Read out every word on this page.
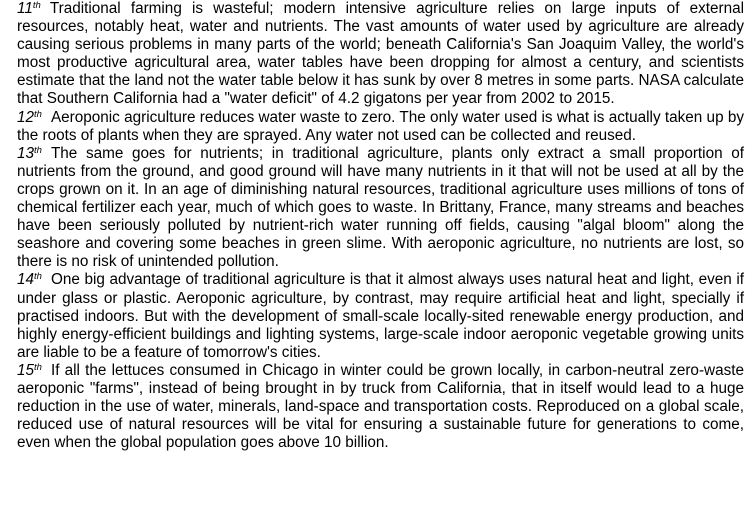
11th Traditional farming is wasteful; modern intensive agriculture relies on large inputs of external resources, notably heat, water and nutrients. The vast amounts of water used by agriculture are already causing serious problems in many parts of the world; beneath California's San Joaquim Valley, the world's most productive agricultural area, water tables have been dropping for almost a century, and scientists estimate that the land not the water table below it has sunk by over 8 metres in some parts. NASA calculate that Southern California had a "water deficit" of 4.2 gigatons per year from 2002 to 2015.

12th Aeroponic agriculture reduces water waste to zero. The only water used is what is actually taken up by the roots of plants when they are sprayed. Any water not used can be collected and reused.

13th The same goes for nutrients; in traditional agriculture, plants only extract a small proportion of nutrients from the ground, and good ground will have many nutrients in it that will not be used at all by the crops grown on it. In an age of diminishing natural resources, traditional agriculture uses millions of tons of chemical fertilizer each year, much of which goes to waste. In Brittany, France, many streams and beaches have been seriously polluted by nutrient-rich water running off fields, causing "algal bloom" along the seashore and covering some beaches in green slime. With aeroponic agriculture, no nutrients are lost, so there is no risk of unintended pollution.

14th One big advantage of traditional agriculture is that it almost always uses natural heat and light, even if under glass or plastic. Aeroponic agriculture, by contrast, may require artificial heat and light, specially if practised indoors. But with the development of small-scale locally-sited renewable energy production, and highly energy-efficient buildings and lighting systems, large-scale indoor aeroponic vegetable growing units are liable to be a feature of tomorrow's cities.

15th If all the lettuces consumed in Chicago in winter could be grown locally, in carbon-neutral zero-waste aeroponic "farms", instead of being brought in by truck from California, that in itself would lead to a huge reduction in the use of water, minerals, land-space and transportation costs. Reproduced on a global scale, reduced use of natural resources will be vital for ensuring a sustainable future for generations to come, even when the global population goes above 10 billion.
